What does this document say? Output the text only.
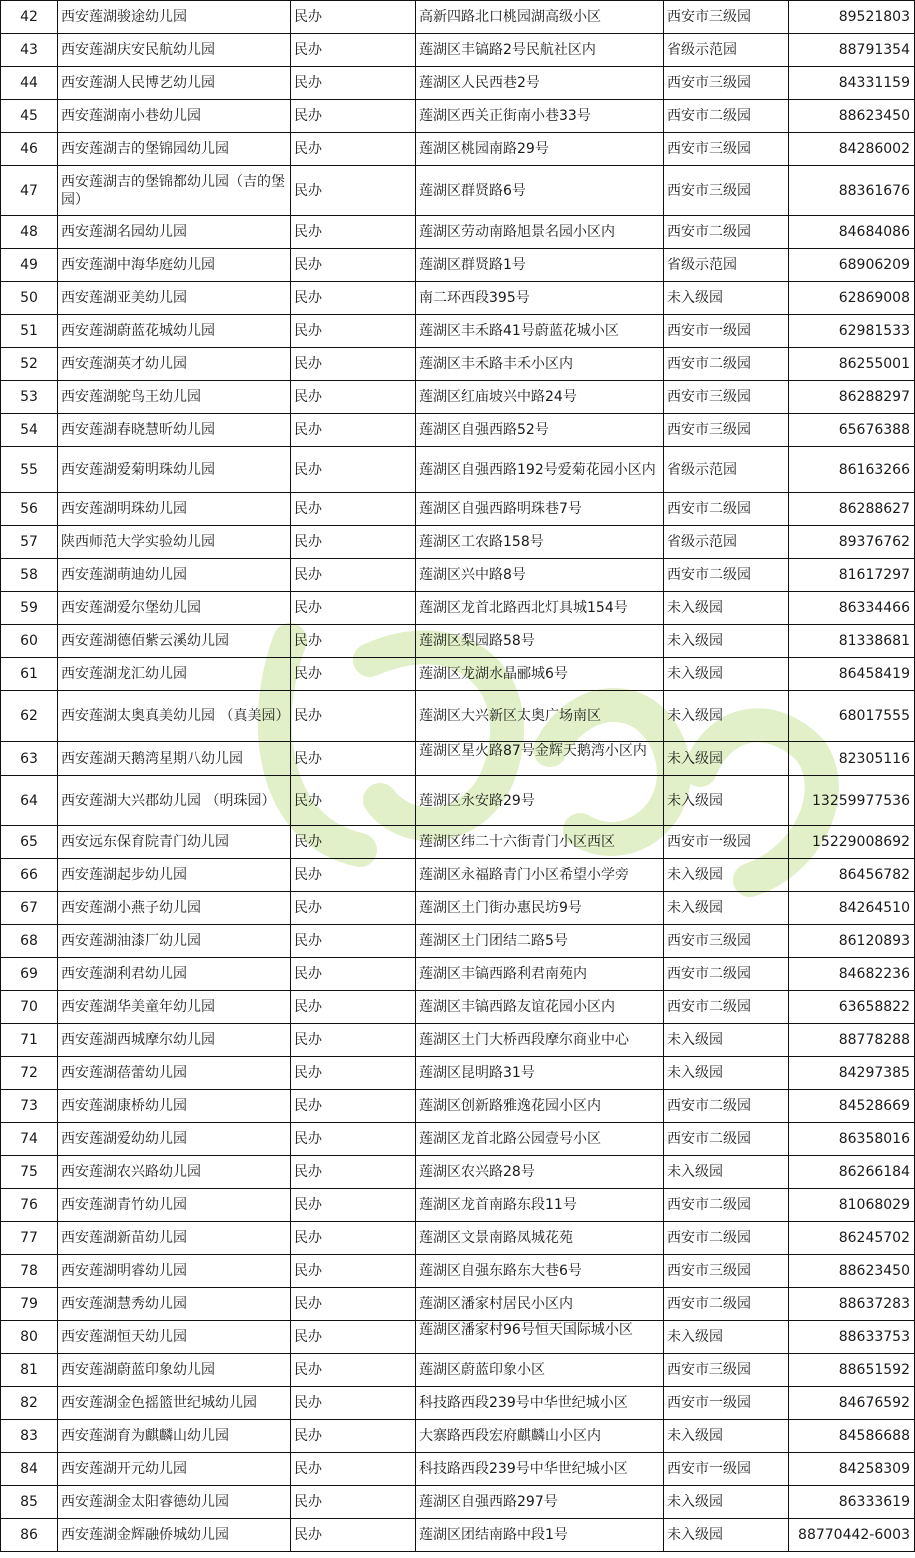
42	西安莲湖骏途幼儿园	民办	高新四路北口桃园湖高级小区	西安市三级园	89521803
43	西安莲湖庆安民航幼儿园	民办	莲湖区丰镐路2号民航社区内	省级示范园	88791354
44	西安莲湖人民博艺幼儿园	民办	莲湖区人民西巷2号	西安市三级园	84331159
45	西安莲湖南小巷幼儿园	民办	莲湖区西关正街南小巷33号	西安市二级园	88623450
46	西安莲湖吉的堡锦园幼儿园	民办	莲湖区桃园南路29号	西安市三级园	84286002
47	西安莲湖吉的堡锦都幼儿园（吉的堡园）	民办	莲湖区群贤路6号	西安市三级园	88361676
48	西安莲湖名园幼儿园	民办	莲湖区劳动南路旭景名园小区内	西安市二级园	84684086
49	西安莲湖中海华庭幼儿园	民办	莲湖区群贤路1号	省级示范园	68906209
50	西安莲湖亚美幼儿园	民办	南二环西段395号	未入级园	62869008
51	西安莲湖蔚蓝花城幼儿园	民办	莲湖区丰禾路41号蔚蓝花城小区	西安市一级园	62981533
52	西安莲湖英才幼儿园	民办	莲湖区丰禾路丰禾小区内	西安市二级园	86255001
53	西安莲湖鸵鸟王幼儿园	民办	莲湖区红庙坡兴中路24号	西安市三级园	86288297
54	西安莲湖春晓慧昕幼儿园	民办	莲湖区自强西路52号	西安市三级园	65676388
55	西安莲湖爱菊明珠幼儿园	民办	莲湖区自强西路192号爱菊花园小区内	省级示范园	86163266
56	西安莲湖明珠幼儿园	民办	莲湖区自强西路明珠巷7号	西安市二级园	86288627
57	陕西师范大学实验幼儿园	民办	莲湖区工农路158号	省级示范园	89376762
58	西安莲湖萌迪幼儿园	民办	莲湖区兴中路8号	西安市二级园	81617297
59	西安莲湖爱尔堡幼儿园	民办	莲湖区龙首北路西北灯具城154号	未入级园	86334466
60	西安莲湖德佰紫云溪幼儿园	民办	莲湖区梨园路58号	未入级园	81338681
61	西安莲湖龙汇幼儿园	民办	莲湖区龙湖水晶郦城6号	未入级园	86458419
62	西安莲湖太奥真美幼儿园 （真美园）	民办	莲湖区大兴新区太奥广场南区	未入级园	68017555
63	西安莲湖天鹅湾星期八幼儿园	民办	莲湖区星火路87号金辉天鹅湾小区内	未入级园	82305116
64	西安莲湖大兴郡幼儿园 （明珠园）	民办	莲湖区永安路29号	未入级园	13259977536
65	西安远东保育院青门幼儿园	民办	莲湖区纬二十六街青门小区西区	西安市一级园	15229008692
66	西安莲湖起步幼儿园	民办	莲湖区永福路青门小区希望小学旁	未入级园	86456782
67	西安莲湖小燕子幼儿园	民办	莲湖区土门街办惠民坊9号	未入级园	84264510
68	西安莲湖油漆厂幼儿园	民办	莲湖区土门团结二路5号	西安市三级园	86120893
69	西安莲湖利君幼儿园	民办	莲湖区丰镐西路利君南苑内	西安市二级园	84682236
70	西安莲湖华美童年幼儿园	民办	莲湖区丰镐西路友谊花园小区内	西安市二级园	63658822
71	西安莲湖西城摩尔幼儿园	民办	莲湖区土门大桥西段摩尔商业中心	未入级园	88778288
72	西安莲湖蓓蕾幼儿园	民办	莲湖区昆明路31号	未入级园	84297385
73	西安莲湖康桥幼儿园	民办	莲湖区创新路雅逸花园小区内	西安市二级园	84528669
74	西安莲湖爱幼幼儿园	民办	莲湖区龙首北路公园壹号小区	西安市二级园	86358016
75	西安莲湖农兴路幼儿园	民办	莲湖区农兴路28号	未入级园	86266184
76	西安莲湖青竹幼儿园	民办	莲湖区龙首南路东段11号	西安市二级园	81068029
77	西安莲湖新苗幼儿园	民办	莲湖区文景南路凤城花苑	西安市二级园	86245702
78	西安莲湖明睿幼儿园	民办	莲湖区自强东路东大巷6号	西安市三级园	88623450
79	西安莲湖慧秀幼儿园	民办	莲湖区潘家村居民小区内	西安市二级园	88637283
80	西安莲湖恒天幼儿园	民办	莲湖区潘家村96号恒天国际城小区	未入级园	88633753
81	西安莲湖蔚蓝印象幼儿园	民办	莲湖区蔚蓝印象小区	西安市三级园	88651592
82	西安莲湖金色摇篮世纪城幼儿园	民办	科技路西段239号中华世纪城小区	西安市一级园	84676592
83	西安莲湖育为麒麟山幼儿园	民办	大寨路西段宏府麒麟山小区内	未入级园	84586688
84	西安莲湖开元幼儿园	民办	科技路西段239号中华世纪城小区	西安市一级园	84258309
85	西安莲湖金太阳睿德幼儿园	民办	莲湖区自强西路297号	未入级园	86333619
86	西安莲湖金辉融侨城幼儿园	民办	莲湖区团结南路中段1号	未入级园	88770442-6003
